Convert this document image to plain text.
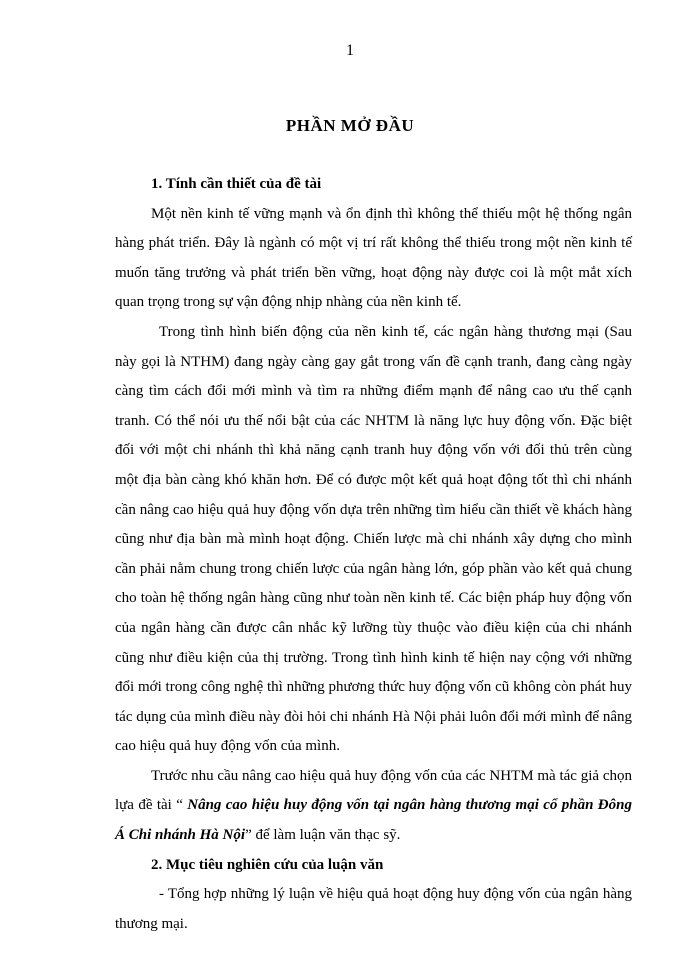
1
PHẦN MỞ ĐẦU

1. Tính cần thiết của đề tài

Một nền kinh tế vững mạnh và ổn định thì không thể thiếu một hệ thống ngân hàng phát triển. Đây là ngành có một vị trí rất không thể thiếu trong một nền kinh tế muốn tăng trưởng và phát triển bền vững, hoạt động này được coi là một mắt xích quan trọng trong sự vận động nhịp nhàng của nền kinh tế.

Trong tình hình biến động của nền kinh tế, các ngân hàng thương mại (Sau này gọi là NTHM) đang ngày càng gay gắt trong vấn đề cạnh tranh, đang càng ngày càng tìm cách đổi mới mình và tìm ra những điểm mạnh để nâng cao ưu thế cạnh tranh. Có thể nói ưu thế nổi bật của các NHTM là năng lực huy động vốn. Đặc biệt đối với một chi nhánh thì khả năng cạnh tranh huy động vốn với đối thủ trên cùng một địa bàn càng khó khăn hơn. Để có được một kết quả hoạt động tốt thì chi nhánh cần nâng cao hiệu quả huy động vốn dựa trên những tìm hiểu cần thiết về khách hàng cũng như địa bàn mà mình hoạt động. Chiến lược mà chi nhánh xây dựng cho mình cần phải nằm chung trong chiến lược của ngân hàng lớn, góp phần vào kết quả chung cho toàn hệ thống ngân hàng cũng như toàn nền kinh tế. Các biện pháp huy động vốn của ngân hàng cần được cân nhắc kỹ lưỡng tùy thuộc vào điều kiện của chi nhánh cũng như điều kiện của thị trường. Trong tình hình kinh tế hiện nay cộng với những đổi mới trong công nghệ thì những phương thức huy động vốn cũ không còn phát huy tác dụng của mình điều này đòi hỏi chi nhánh Hà Nội phải luôn đổi mới mình để nâng cao hiệu quả huy động vốn của mình.

Trước nhu cầu nâng cao hiệu quả huy động vốn của các NHTM mà tác giả chọn lựa đề tài “ Nâng cao hiệu huy động vốn tại ngân hàng thương mại cổ phần Đông Á Chi nhánh Hà Nội” để làm luận văn thạc sỹ.

2. Mục tiêu nghiên cứu của luận văn

- Tổng hợp những lý luận về hiệu quả hoạt động huy động vốn của ngân hàng thương mại.
